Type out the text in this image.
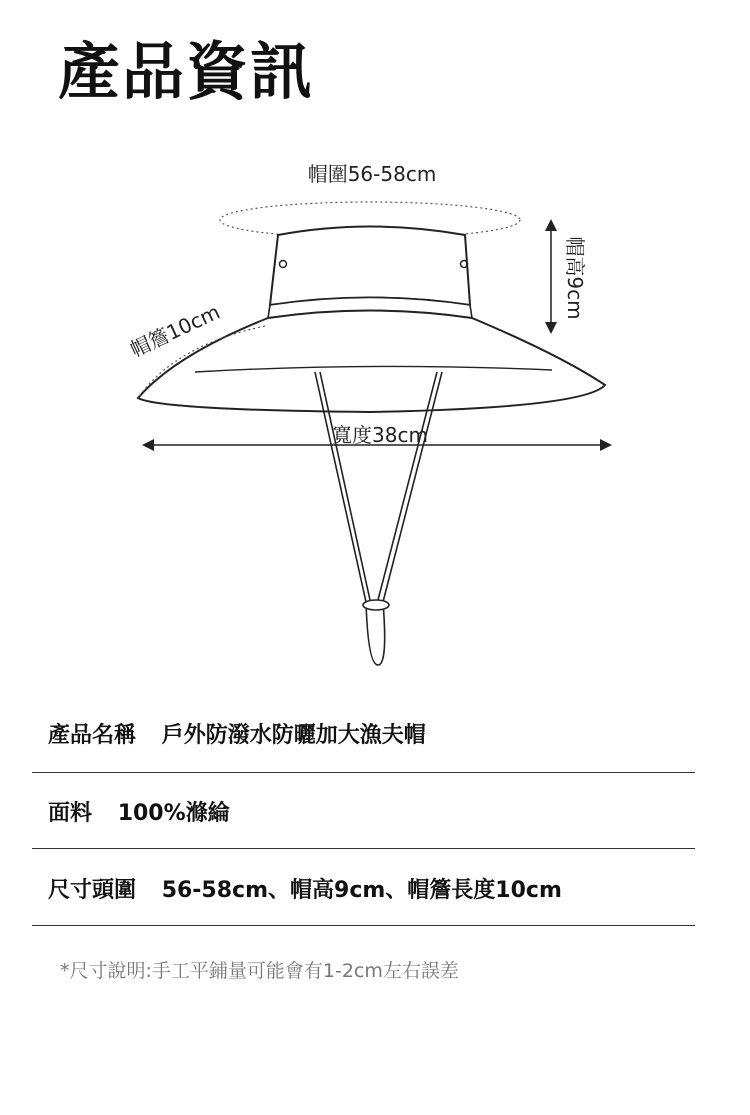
產品資訊
帽圍56-58cm
帽簷10cm
帽高9cm
寬度38cm
產品名稱 戶外防潑水防曬加大漁夫帽
面料 100%滌綸
尺寸頭圍 56-58cm、帽高9cm、帽簷長度10cm
*尺寸說明:手工平鋪量可能會有1-2cm左右誤差
